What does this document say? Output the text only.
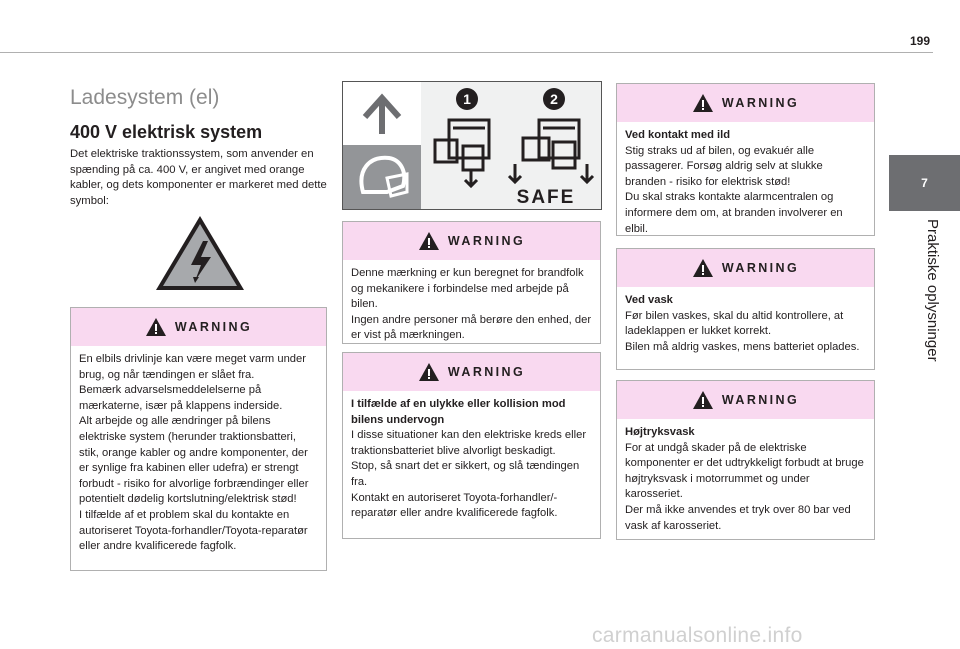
199
7
Praktiske oplysninger
Ladesystem (el)
400 V elektrisk system
Det elektriske traktionssystem, som anvender en spænding på ca. 400 V, er angivet med orange kabler, og dets komponenter er markeret med dette symbol:
WARNING
En elbils drivlinje kan være meget varm under brug, og når tændingen er slået fra.
Bemærk advarselsmeddelelserne på mærkaterne, især på klappens inderside.
Alt arbejde og alle ændringer på bilens elektriske system (herunder traktionsbatteri, stik, orange kabler og andre komponenter, der er synlige fra kabinen eller udefra) er strengt forbudt - risiko for alvorlige forbrændinger eller potentielt dødelig kortslutning/elektrisk stød!
I tilfælde af et problem skal du kontakte en autoriseret Toyota-forhandler/Toyota-reparatør eller andre kvalificerede fagfolk.
1	2
SAFE
WARNING
Denne mærkning er kun beregnet for brandfolk og mekanikere i forbindelse med arbejde på bilen.
Ingen andre personer må berøre den enhed, der er vist på mærkningen.
WARNING
I tilfælde af en ulykke eller kollision mod bilens undervogn
I disse situationer kan den elektriske kreds eller traktionsbatteriet blive alvorligt beskadigt.
Stop, så snart det er sikkert, og slå tændingen fra.
Kontakt en autoriseret Toyota-forhandler/-reparatør eller andre kvalificerede fagfolk.
WARNING
Ved kontakt med ild
Stig straks ud af bilen, og evakuér alle passagerer. Forsøg aldrig selv at slukke branden - risiko for elektrisk stød!
Du skal straks kontakte alarmcentralen og informere dem om, at branden involverer en elbil.
WARNING
Ved vask
Før bilen vaskes, skal du altid kontrollere, at ladeklappen er lukket korrekt.
Bilen må aldrig vaskes, mens batteriet oplades.
WARNING
Højtryksvask
For at undgå skader på de elektriske komponenter er det udtrykkeligt forbudt at bruge højtryksvask i motorrummet og under karosseriet.
Der må ikke anvendes et tryk over 80 bar ved vask af karosseriet.
carmanualsonline.info
